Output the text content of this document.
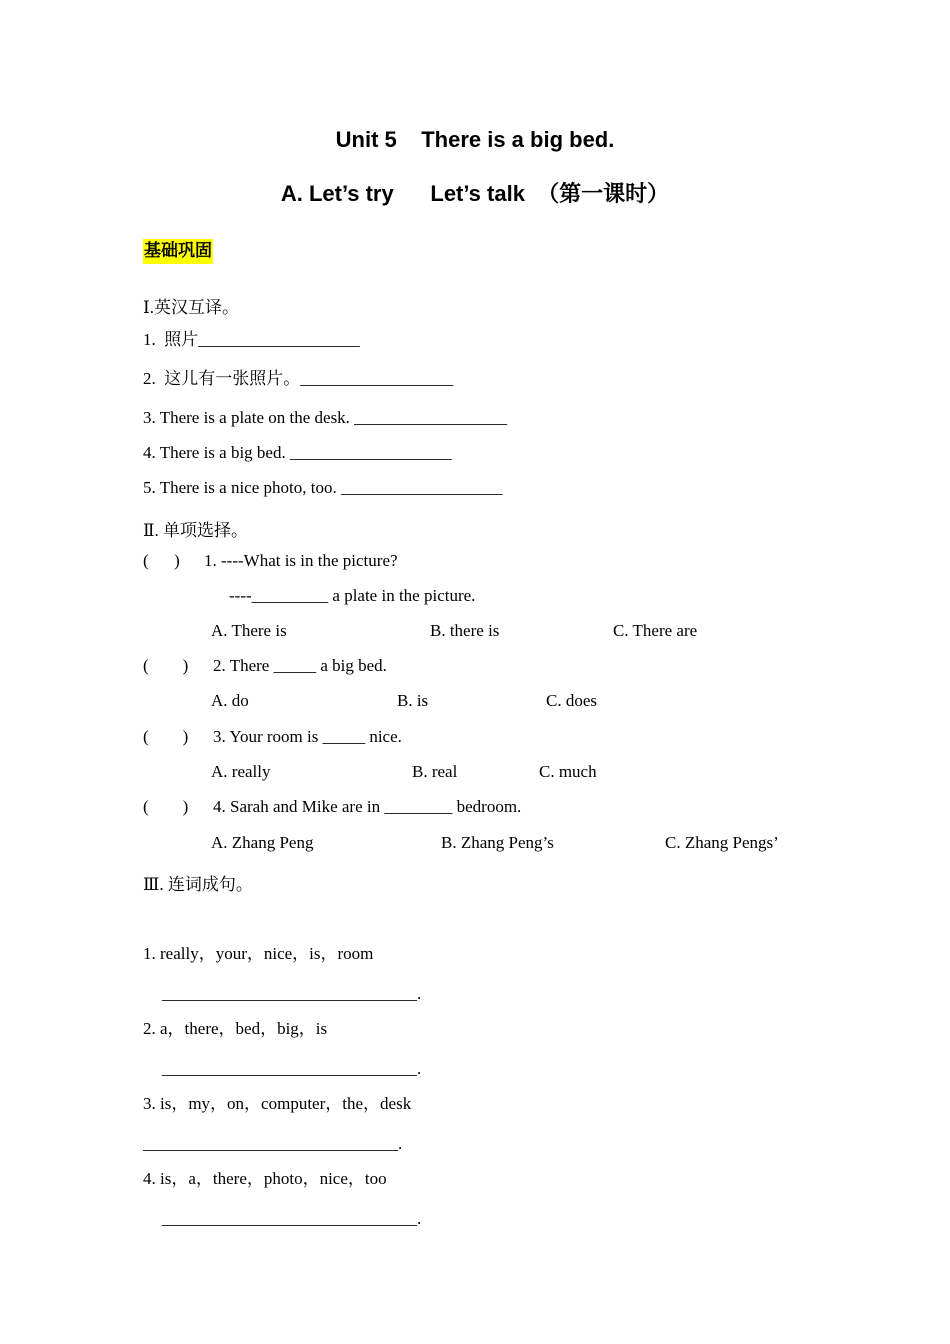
Unit 5    There is a big bed.
A. Let’s try      Let’s talk  （第一课时）
基础巩固
Ⅰ.英汉互译。
1.  照片___________________
2.  这儿有一张照片。__________________
3. There is a plate on the desk. __________________
4. There is a big bed. ___________________
5. There is a nice photo, too. ___________________
Ⅱ. 单项选择。
(      ) 1. ----What is in the picture?
----_________ a plate in the picture.
A. There is	B. there is	C. There are
(        ) 2. There _____ a big bed.
A. do	B. is	C. does
(        ) 3. Your room is _____ nice.
A. really	B. real	C. much
(        ) 4. Sarah and Mike are in ________ bedroom.
A. Zhang Peng	B. Zhang Peng’s	C. Zhang Pengs’
Ⅲ. 连词成句。
1. really，your，nice，is，room
______________________________.
2. a，there，bed，big，is
______________________________.
3. is，my，on，computer，the，desk
______________________________.
4. is，a，there，photo，nice，too
______________________________.
